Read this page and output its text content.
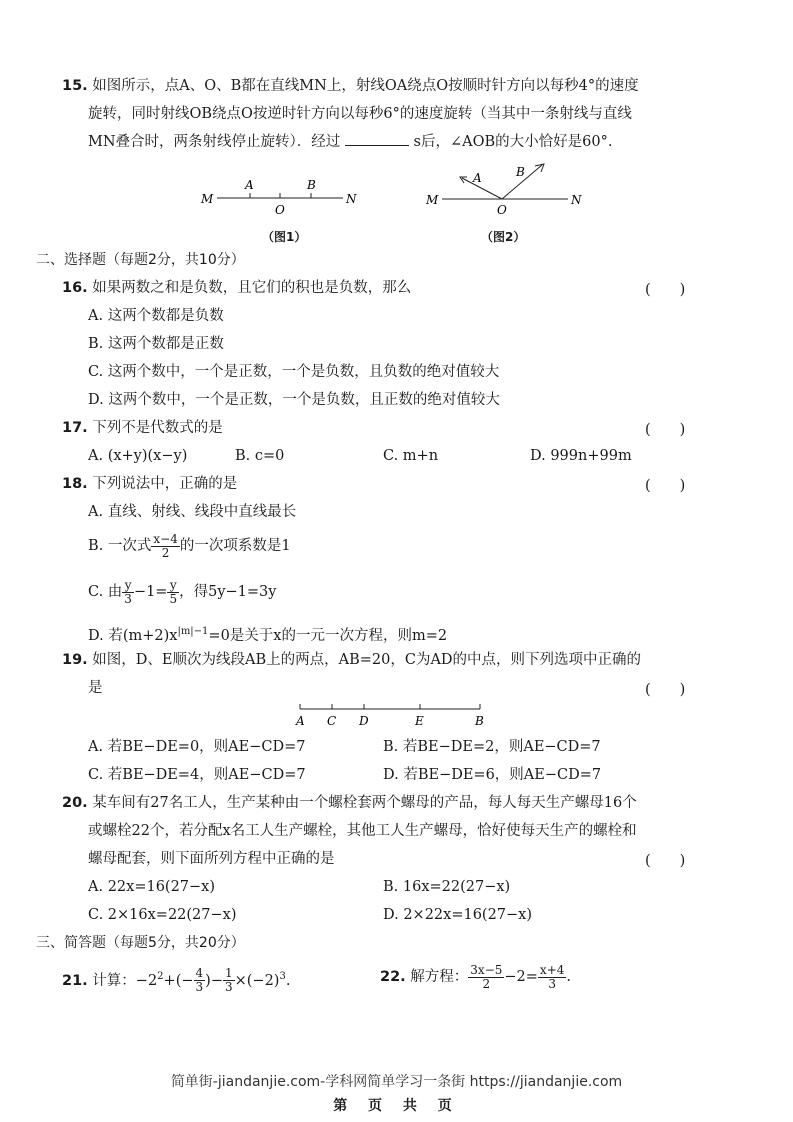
15. 如图所示，点A、O、B都在直线MN上，射线OA绕点O按顺时针方向以每秒4°的速度
旋转，同时射线OB绕点O按逆时针方向以每秒6°的速度旋转（当其中一条射线与直线
MN叠合时，两条射线停止旋转）．经过	s后，∠AOB的大小恰好是60°.
M	N
A	B
O
（图1）
M	N
A	B
O
（图2）
二、选择题（每题2分，共10分）
16. 如果两数之和是负数，且它们的积也是负数，那么	(　　)
A. 这两个数都是负数
B. 这两个数都是正数
C. 这两个数中，一个是正数，一个是负数，且负数的绝对值较大
D. 这两个数中，一个是正数，一个是负数，且正数的绝对值较大
17. 下列不是代数式的是	(　　)
A. (x+y)(x−y)	B. c=0	C. m+n	D. 999n+99m
18. 下列说法中，正确的是	(　　)
A. 直线、射线、线段中直线最长
B. 一次式 $\frac{x-4}{2}$ 的一次项系数是1
C. 由 $\frac{y}{3} -1= \frac{y}{5}$ ，得5y−1=3y
D. 若$(m+2)x^{|m|-1}=0$是关于x的一元一次方程，则m=2
19. 如图，D、E顺次为线段AB上的两点，AB=20，C为AD的中点，则下列选项中正确的
是	(　　)
A C D	E	B
A. 若BE−DE=0，则AE−CD=7	B. 若BE−DE=2，则AE−CD=7
C. 若BE−DE=4，则AE−CD=7	D. 若BE−DE=6，则AE−CD=7
20. 某车间有27名工人，生产某种由一个螺栓套两个螺母的产品，每人每天生产螺母16个
或螺栓22个，若分配x名工人生产螺栓，其他工人生产螺母，恰好使每天生产的螺栓和
螺母配套，则下面所列方程中正确的是	(　　)
A. 22x=16(27−x)	B. 16x=22(27−x)
C. 2×16x=22(27−x)	D. 2×22x=16(27−x)
三、简答题（每题5分，共20分）
21. 计算：$-2^2+(- \frac{4}{3}$ )− $\frac{1}{3} \times(-2)^3$.	22. 解方程： $\frac{3x-5}{2} -2= \frac{x+4}{3}$ .
简单街-jiandanjie.com-学科网简单学习一条街 https://jiandanjie.com
第 页 共 页
